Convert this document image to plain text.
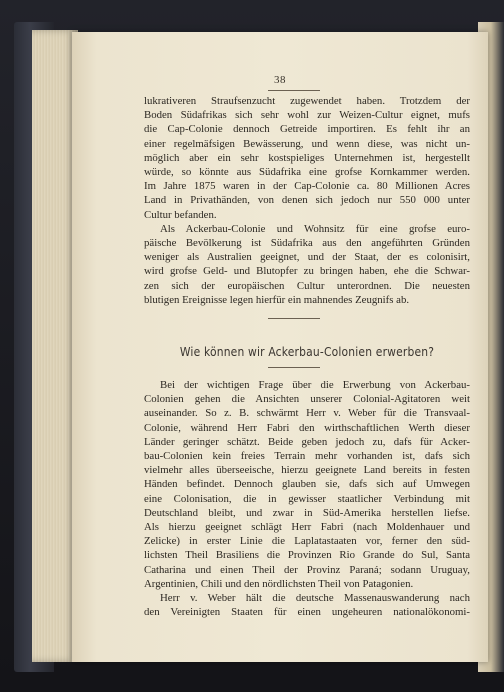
38
lukrativeren Straufsenzucht zugewendet haben. Trotzdem der
Boden Südafrikas sich sehr wohl zur Weizen-Cultur eignet, mufs
die Cap-Colonie dennoch Getreide importiren. Es fehlt ihr an
einer regelmäfsigen Bewässerung, und wenn diese, was nicht un-
möglich aber ein sehr kostspieliges Unternehmen ist, hergestellt
würde, so könnte aus Südafrika eine grofse Kornkammer werden.
Im Jahre 1875 waren in der Cap-Colonie ca. 80 Millionen Acres
Land in Privathänden, von denen sich jedoch nur 550 000 unter
Cultur befanden.
Als Ackerbau-Colonie und Wohnsitz für eine grofse euro-
päische Bevölkerung ist Südafrika aus den angeführten Gründen
weniger als Australien geeignet, und der Staat, der es colonisirt,
wird grofse Geld- und Blutopfer zu bringen haben, ehe die Schwar-
zen sich der europäischen Cultur unterordnen. Die neuesten
blutigen Ereignisse legen hierfür ein mahnendes Zeugnifs ab.
Wie können wir Ackerbau-Colonien erwerben?
Bei der wichtigen Frage über die Erwerbung von Ackerbau-
Colonien gehen die Ansichten unserer Colonial-Agitatoren weit
auseinander. So z. B. schwärmt Herr v. Weber für die Transvaal-
Colonie, während Herr Fabri den wirthschaftlichen Werth dieser
Länder geringer schätzt. Beide geben jedoch zu, dafs für Acker-
bau-Colonien kein freies Terrain mehr vorhanden ist, dafs sich
vielmehr alles überseeische, hierzu geeignete Land bereits in festen
Händen befindet. Dennoch glauben sie, dafs sich auf Umwegen
eine Colonisation, die in gewisser staatlicher Verbindung mit
Deutschland bleibt, und zwar in Süd-Amerika herstellen liefse.
Als hierzu geeignet schlägt Herr Fabri (nach Moldenhauer und
Zelicke) in erster Linie die Laplatastaaten vor, ferner den süd-
lichsten Theil Brasiliens die Provinzen Rio Grande do Sul, Santa
Catharina und einen Theil der Provinz Paraná; sodann Uruguay,
Argentinien, Chili und den nördlichsten Theil von Patagonien.
Herr v. Weber hält die deutsche Massenauswanderung nach
den Vereinigten Staaten für einen ungeheuren nationalökonomi-
